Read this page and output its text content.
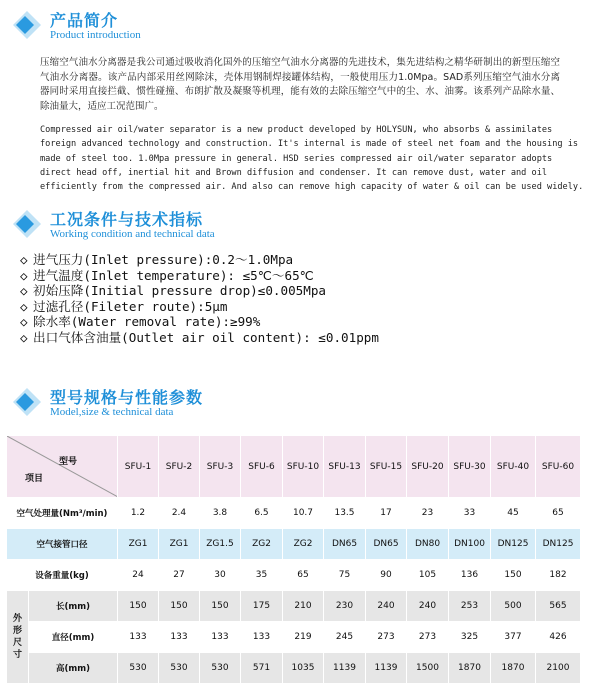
产品简介
Product introduction
压缩空气油水分离器是我公司通过吸收消化国外的压缩空气油水分离器的先进技术，集先进结构之精华研制出的新型压缩空气油水分离器。该产品内部采用丝网除沫，壳体用钢制焊接罐体结构，一般使用压力1.0Mpa。SAD系列压缩空气油水分离器同时采用直接拦截、惯性碰撞、布朗扩散及凝聚等机理，能有效的去除压缩空气中的尘、水、油雾。该系列产品除水量、除油量大，适应工况范围广。
Compressed air oil/water separator is a new product developed by HOLYSUN, who absorbs & assimilates foreign advanced technology and construction. It's internal is made of steel net foam and the housing is made of steel too. 1.0Mpa pressure in general. HSD series compressed air oil/water separator adopts direct head off, inertial hit and Brown diffusion and condenser. It can remove dust, water and oil efficiently from the compressed air. And also can remove high capacity of water & oil can be used widely.
工况条件与技术指标
Working condition and technical data
◇ 进气压力(Inlet pressure):0.2～1.0Mpa
◇ 进气温度(Inlet temperature): ≤5℃～65℃
◇ 初始压降(Initial pressure drop)≤0.005Mpa
◇ 过滤孔径(Fileter route):5μm
◇ 除水率(Water removal rate):≥99%
◇ 出口气体含油量(Outlet air oil content): ≤0.01ppm
型号规格与性能参数
Model,size & technical data
型号
项目		SFU-1	SFU-2	SFU-3	SFU-6	SFU-10	SFU-13	SFU-15	SFU-20	SFU-30	SFU-40	SFU-60
空气处理量(Nm³/min)		1.2	2.4	3.8	6.5	10.7	13.5	17	23	33	45	65
空气接管口径		ZG1	ZG1	ZG1.5	ZG2	ZG2	DN65	DN65	DN80	DN100	DN125	DN125
设备重量(kg)		24	27	30	35	65	75	90	105	136	150	182
外形尺寸	长(mm)	150	150	150	175	210	230	240	240	253	500	565
	直径(mm)	133	133	133	133	219	245	273	273	325	377	426
	高(mm)	530	530	530	571	1035	1139	1139	1500	1870	1870	2100
